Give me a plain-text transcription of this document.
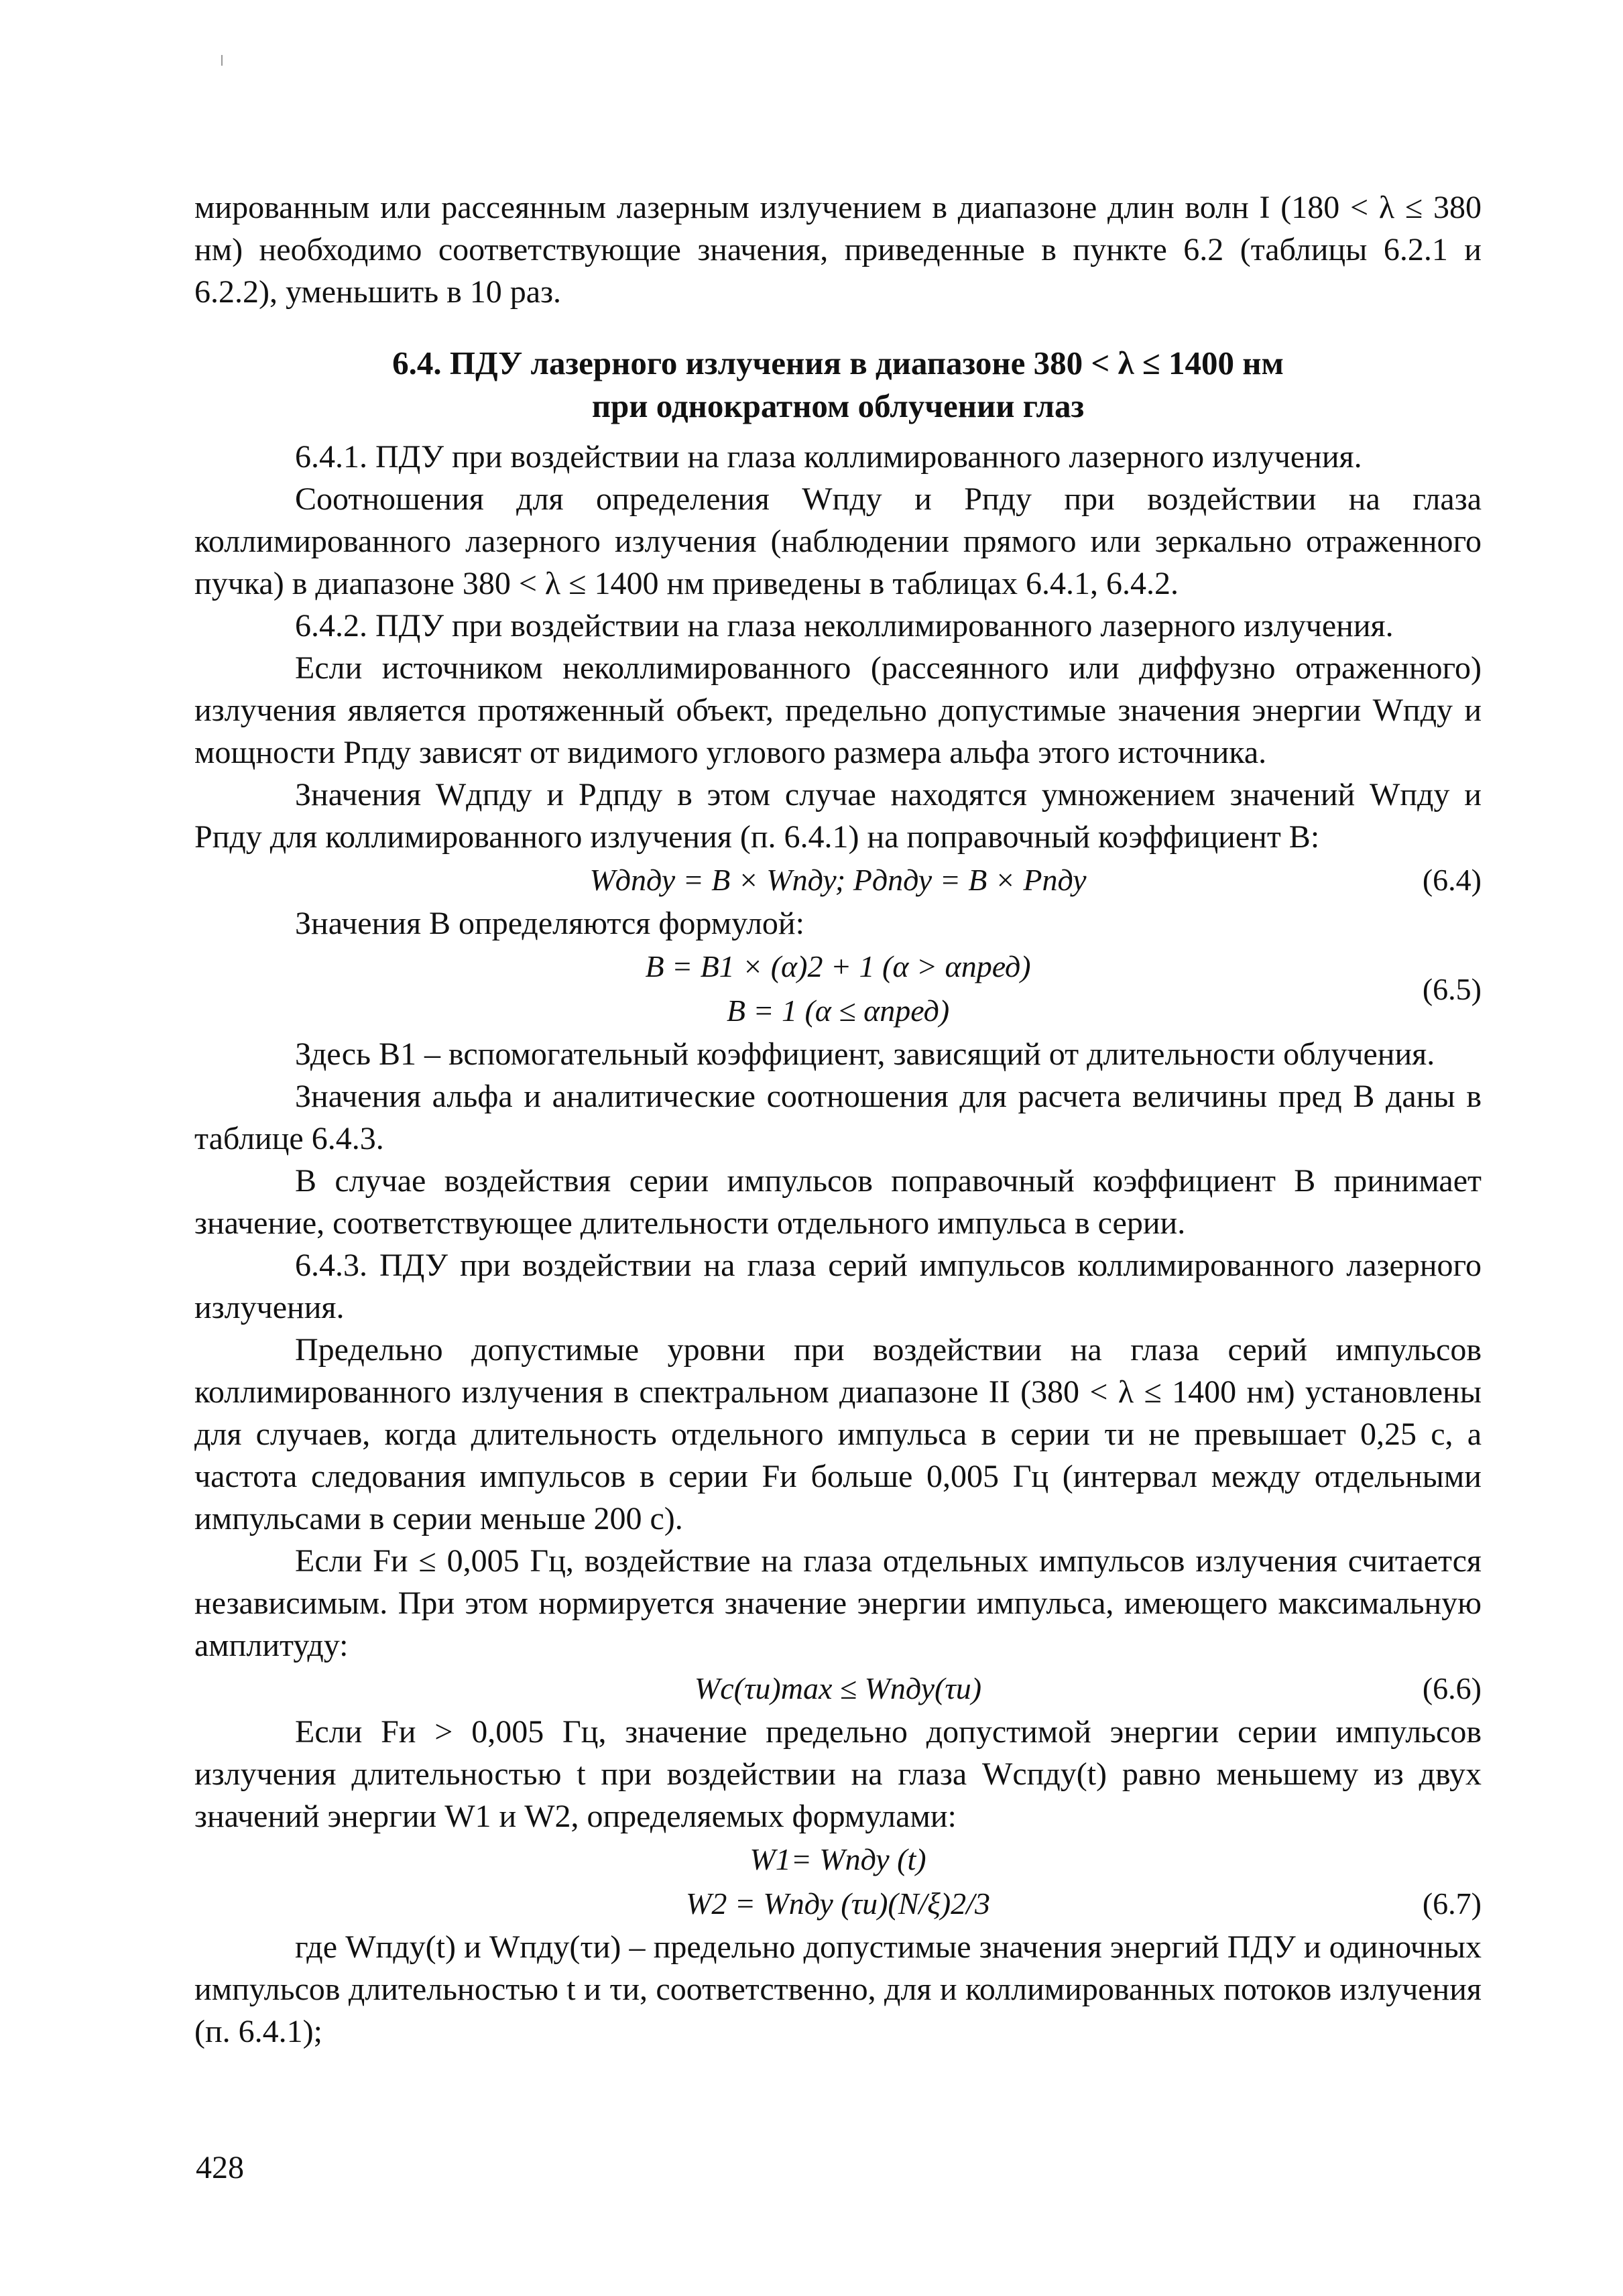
мированным или рассеянным лазерным излучением в диапазоне длин волн I (180 < λ ≤ 380 нм) необходимо соответствующие значения, приведенные в пункте 6.2 (таблицы 6.2.1 и 6.2.2), уменьшить в 10 раз.

6.4. ПДУ лазерного излучения в диапазоне 380 < λ ≤ 1400 нм

при однократном облучении глаз

6.4.1. ПДУ при воздействии на глаза коллимированного лазерного излучения.

Соотношения для определения Wпду и Pпду при воздействии на глаза коллимированного лазерного излучения (наблюдении прямого или зеркально отраженного пучка) в диапазоне 380 < λ ≤ 1400 нм приведены в таблицах 6.4.1, 6.4.2.

6.4.2. ПДУ при воздействии на глаза неколлимированного лазерного излучения.

Если источником неколлимированного (рассеянного или диффузно отраженного) излучения является протяженный объект, предельно допустимые значения энергии Wпду и мощности Pпду зависят от видимого углового размера альфа этого источника.

Значения Wдпду и Pдпду в этом случае находятся умножением значений Wпду и Pпду для коллимированного излучения (п. 6.4.1) на поправочный коэффициент B:

Wдпду = B × Wпду; Pдпду = B × Pпду	(6.4)

Значения B определяются формулой:

B = B1 × (α)2 + 1 (α > αпред)
B = 1 (α ≤ αпред)
(6.5)

Здесь B1 – вспомогательный коэффициент, зависящий от длительности облучения.

Значения альфа и аналитические соотношения для расчета величины пред B даны в таблице 6.4.3.

В случае воздействия серии импульсов поправочный коэффициент В принимает значение, соответствующее длительности отдельного импульса в серии.

6.4.3. ПДУ при воздействии на глаза серий импульсов коллимированного лазерного излучения.

Предельно допустимые уровни при воздействии на глаза серий импульсов коллимированного излучения в спектральном диапазоне II (380 < λ ≤ 1400 нм) установлены для случаев, когда длительность отдельного импульса в серии τи не превышает 0,25 с, а частота следования импульсов в серии Fи больше 0,005 Гц (интервал между отдельными импульсами в серии меньше 200 с).

Если Fи ≤ 0,005 Гц, воздействие на глаза отдельных импульсов излучения считается независимым. При этом нормируется значение энергии импульса, имеющего максимальную амплитуду:

Wc(τи)max ≤ Wпду(τи)	(6.6)

Если Fи > 0,005 Гц, значение предельно допустимой энергии серии импульсов излучения длительностью t при воздействии на глаза Wcпду(t) равно меньшему из двух значений энергии W1 и W2, определяемых формулами:

W1= Wпду (t)
W2 = Wпду (τи)(N/ξ)2/3	(6.7)

где Wпду(t) и Wпду(τи) – предельно допустимые значения энергий ПДУ и одиночных импульсов длительностью t и τи, соответственно, для и коллимированных потоков излучения (п. 6.4.1);

428
